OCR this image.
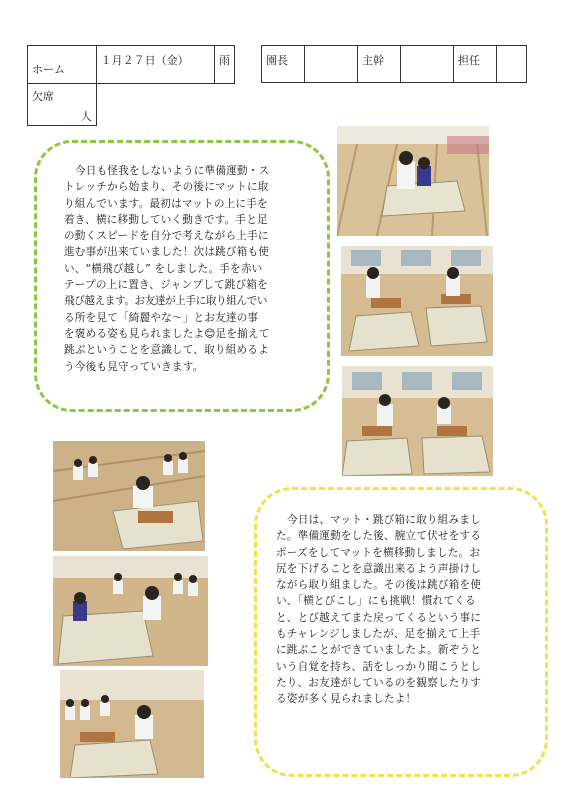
ホーム	１月２７日（金）	雨

欠席
人
園長		主幹		担任	
今日も怪我をしないように準備運動・ス
トレッチから始まり、その後にマットに取
り組んでいます。最初はマットの上に手を
着き、横に移動していく動きです。手と足
の動くスピードを自分で考えながら上手に
進む事が出来ていました！次は跳び箱も使
い、“横飛び越し” をしました。手を赤い
テープの上に置き、ジャンプして跳び箱を
飛び越えます。お友達が上手に取り組んでい
る所を見て「綺麗やな〜」とお友達の事
を褒める姿も見られましたよ😊足を揃えて
跳ぶということを意識して、取り組めるよ
う今後も見守っていきます。
今日は、マット・跳び箱に取り組みまし
た。準備運動をした後、腕立て伏せをする
ポーズをしてマットを横移動しました。お
尻を下げることを意識出来るよう声掛けし
ながら取り組ました。その後は跳び箱を使
い、「横とびこし」にも挑戦！慣れてくる
と、とび越えてまた戻ってくるという事に
もチャレンジしましたが、足を揃えて上手
に跳ぶことができていましたよ。新ぞうと
いう自覚を持ち、話をしっかり聞こうとし
たり、お友達がしているのを観察したりす
る姿が多く見られましたよ！
